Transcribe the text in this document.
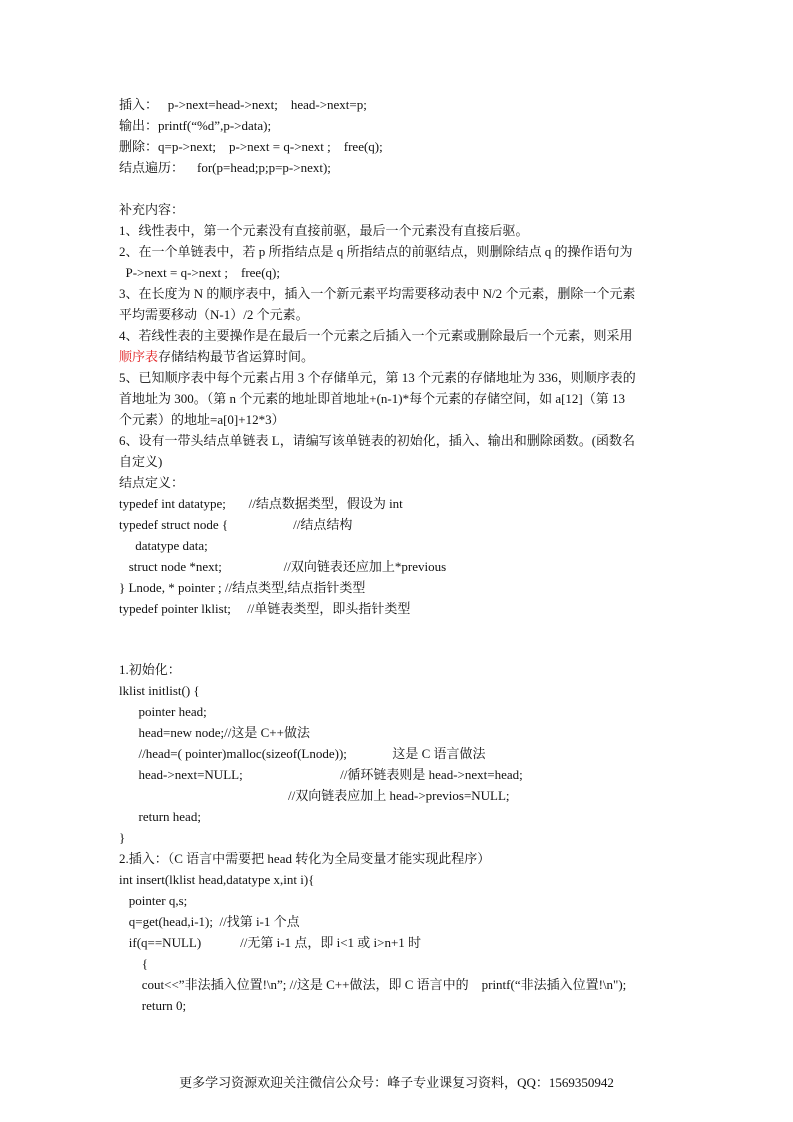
插入：   p->next=head->next;    head->next=p;
输出：printf(“%d”,p->data);
删除：q=p->next;    p->next = q->next ;    free(q);
结点遍历：    for(p=head;p;p=p->next);
补充内容：
1、线性表中，第一个元素没有直接前驱，最后一个元素没有直接后驱。
2、在一个单链表中，若 p 所指结点是 q 所指结点的前驱结点，则删除结点 q 的操作语句为
P->next = q->next ;    free(q);
3、在长度为 N 的顺序表中，插入一个新元素平均需要移动表中 N/2 个元素，删除一个元素
平均需要移动（N-1）/2 个元素。
4、若线性表的主要操作是在最后一个元素之后插入一个元素或删除最后一个元素，则采用
顺序表存储结构最节省运算时间。
5、已知顺序表中每个元素占用 3 个存储单元，第 13 个元素的存储地址为 336，则顺序表的
首地址为 300。（第 n 个元素的地址即首地址+(n-1)*每个元素的存储空间，如 a[12]（第 13
个元素）的地址=a[0]+12*3）
6、设有一带头结点单链表 L，请编写该单链表的初始化，插入、输出和删除函数。(函数名
自定义)
结点定义：
typedef int datatype;       //结点数据类型，假设为 int
typedef struct node {                    //结点结构
datatype data;
struct node *next;                   //双向链表还应加上*previous
} Lnode, * pointer ; //结点类型,结点指针类型
typedef pointer lklist;     //单链表类型，即头指针类型
1.初始化：
lklist initlist() {
pointer head;
head=new node;//这是 C++做法
//head=( pointer)malloc(sizeof(Lnode));              这是 C 语言做法
head->next=NULL;                              //循环链表则是 head->next=head;
//双向链表应加上 head->previos=NULL;
return head;
}
2.插入：（C 语言中需要把 head 转化为全局变量才能实现此程序）
int insert(lklist head,datatype x,int i){
pointer q,s;
q=get(head,i-1);  //找第 i-1 个点
if(q==NULL)            //无第 i-1 点，即 i<1 或 i>n+1 时
{
cout<<”非法插入位置!\n”; //这是 C++做法，即 C 语言中的    printf(“非法插入位置!\n");
return 0;
更多学习资源欢迎关注微信公众号：峰子专业课复习资料，QQ：1569350942
